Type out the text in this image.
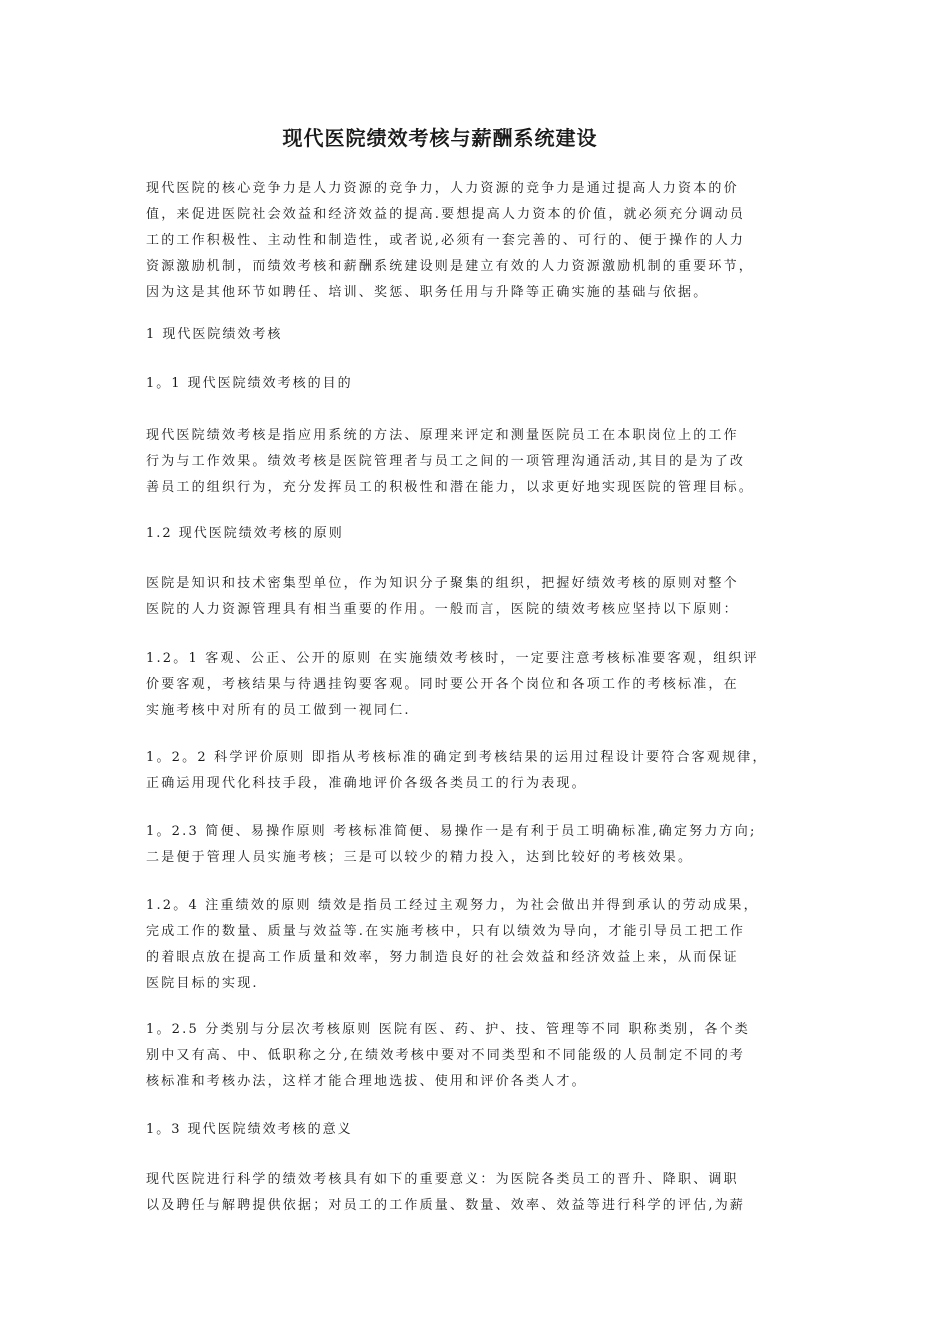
现代医院绩效考核与薪酬系统建设
现代医院的核心竞争力是人力资源的竞争力，人力资源的竞争力是通过提高人力资本的价
值，来促进医院社会效益和经济效益的提高.要想提高人力资本的价值，就必须充分调动员
工的工作积极性、主动性和制造性，或者说,必须有一套完善的、可行的、便于操作的人力
资源激励机制，而绩效考核和薪酬系统建设则是建立有效的人力资源激励机制的重要环节，
因为这是其他环节如聘任、培训、奖惩、职务任用与升降等正确实施的基础与依据。
1 现代医院绩效考核
1。1 现代医院绩效考核的目的
现代医院绩效考核是指应用系统的方法、原理来评定和测量医院员工在本职岗位上的工作
行为与工作效果。绩效考核是医院管理者与员工之间的一项管理沟通活动,其目的是为了改
善员工的组织行为，充分发挥员工的积极性和潜在能力，以求更好地实现医院的管理目标。
1.2 现代医院绩效考核的原则
医院是知识和技术密集型单位，作为知识分子聚集的组织，把握好绩效考核的原则对整个
医院的人力资源管理具有相当重要的作用。一般而言，医院的绩效考核应坚持以下原则：
1.2。1 客观、公正、公开的原则 在实施绩效考核时，一定要注意考核标准要客观，组织评
价要客观，考核结果与待遇挂钩要客观。同时要公开各个岗位和各项工作的考核标准，在
实施考核中对所有的员工做到一视同仁.
1。2。2 科学评价原则 即指从考核标准的确定到考核结果的运用过程设计要符合客观规律，
正确运用现代化科技手段，准确地评价各级各类员工的行为表现。
1。2.3 简便、易操作原则 考核标准简便、易操作一是有利于员工明确标准,确定努力方向;
二是便于管理人员实施考核；三是可以较少的精力投入，达到比较好的考核效果。
1.2。4 注重绩效的原则 绩效是指员工经过主观努力，为社会做出并得到承认的劳动成果，
完成工作的数量、质量与效益等.在实施考核中，只有以绩效为导向，才能引导员工把工作
的着眼点放在提高工作质量和效率，努力制造良好的社会效益和经济效益上来，从而保证
医院目标的实现.
1。2.5 分类别与分层次考核原则 医院有医、药、护、技、管理等不同 职称类别，各个类
别中又有高、中、低职称之分,在绩效考核中要对不同类型和不同能级的人员制定不同的考
核标准和考核办法，这样才能合理地选拔、使用和评价各类人才。
1。3 现代医院绩效考核的意义
现代医院进行科学的绩效考核具有如下的重要意义：为医院各类员工的晋升、降职、调职
以及聘任与解聘提供依据；对员工的工作质量、数量、效率、效益等进行科学的评估,为薪
